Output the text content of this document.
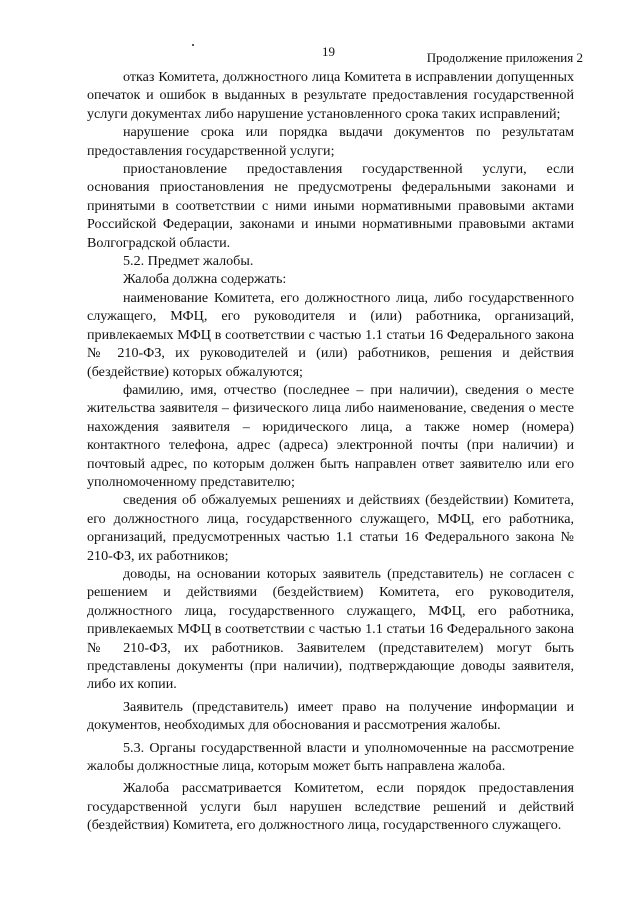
19	Продолжение приложения 2

отказ Комитета, должностного лица Комитета в исправлении допущенных опечаток и ошибок в выданных в результате предоставления государственной услуги документах либо нарушение установленного срока таких исправлений;

нарушение срока или порядка выдачи документов по результатам предоставления государственной услуги;

приостановление предоставления государственной услуги, если основания приостановления не предусмотрены федеральными законами и принятыми в соответствии с ними иными нормативными правовыми актами Российской Федерации, законами и иными нормативными правовыми актами Волгоградской области.

5.2. Предмет жалобы.

Жалоба должна содержать:

наименование Комитета, его должностного лица, либо государственного служащего, МФЦ, его руководителя и (или) работника, организаций, привлекаемых МФЦ в соответствии с частью 1.1 статьи 16 Федерального закона № 210-ФЗ, их руководителей и (или) работников, решения и действия (бездействие) которых обжалуются;

фамилию, имя, отчество (последнее – при наличии), сведения о месте жительства заявителя – физического лица либо наименование, сведения о месте нахождения заявителя – юридического лица, а также номер (номера) контактного телефона, адрес (адреса) электронной почты (при наличии) и почтовый адрес, по которым должен быть направлен ответ заявителю или его уполномоченному представителю;

сведения об обжалуемых решениях и действиях (бездействии) Комитета, его должностного лица, государственного служащего, МФЦ, его работника, организаций, предусмотренных частью 1.1 статьи 16 Федерального закона № 210-ФЗ, их работников;

доводы, на основании которых заявитель (представитель) не согласен с решением и действиями (бездействием) Комитета, его руководителя, должностного лица, государственного служащего, МФЦ, его работника, привлекаемых МФЦ в соответствии с частью 1.1 статьи 16 Федерального закона № 210-ФЗ, их работников. Заявителем (представителем) могут быть представлены документы (при наличии), подтверждающие доводы заявителя, либо их копии.

Заявитель (представитель) имеет право на получение информации и документов, необходимых для обоснования и рассмотрения жалобы.

5.3. Органы государственной власти и уполномоченные на рассмотрение жалобы должностные лица, которым может быть направлена жалоба.

Жалоба рассматривается Комитетом, если порядок предоставления государственной услуги был нарушен вследствие решений и действий (бездействия) Комитета, его должностного лица, государственного служащего.
